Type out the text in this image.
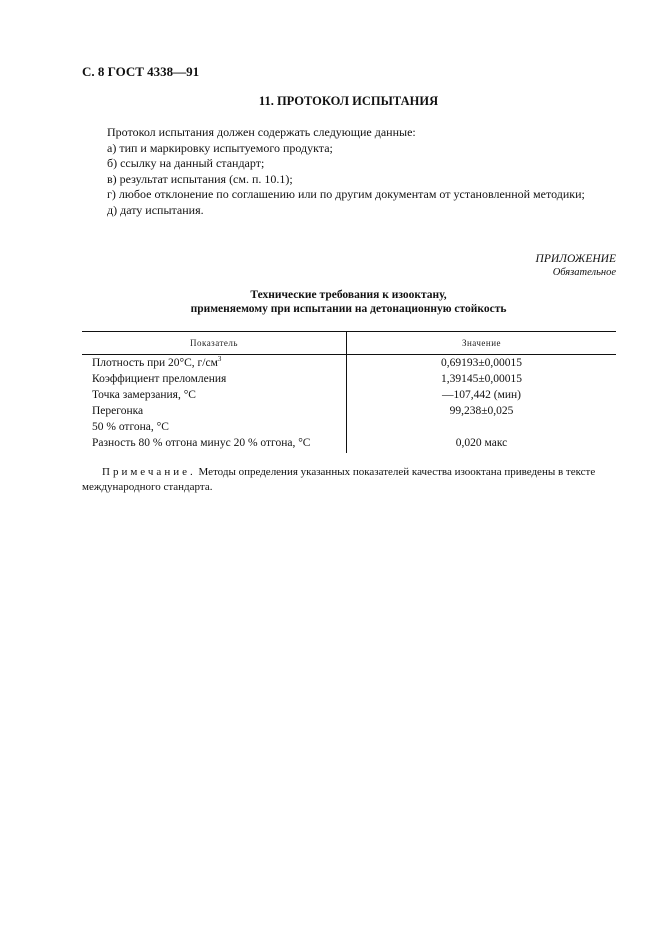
С. 8 ГОСТ 4338—91
11. ПРОТОКОЛ ИСПЫТАНИЯ
Протокол испытания должен содержать следующие данные:
а) тип и маркировку испытуемого продукта;
б) ссылку на данный стандарт;
в) результат испытания (см. п. 10.1);
г) любое отклонение по соглашению или по другим документам от установленной методики;
д) дату испытания.
ПРИЛОЖЕНИЕ
Обязательное
Технические требования к изооктану,
применяемому при испытании на детонационную стойкость
Показатель	Значение
Плотность при 20°С, $г/см^3$	0,69193±0,00015
Коэффициент преломления	1,39145±0,00015
Точка замерзания, °С	—107,442 (мин)
Перегонка	99,238±0,025
50 % отгона, °С
Разность 80 % отгона минус 20 % отгона, °С	0,020 макс
Примечание. Методы определения указанных показателей качества изооктана приведены в тексте международного стандарта.
